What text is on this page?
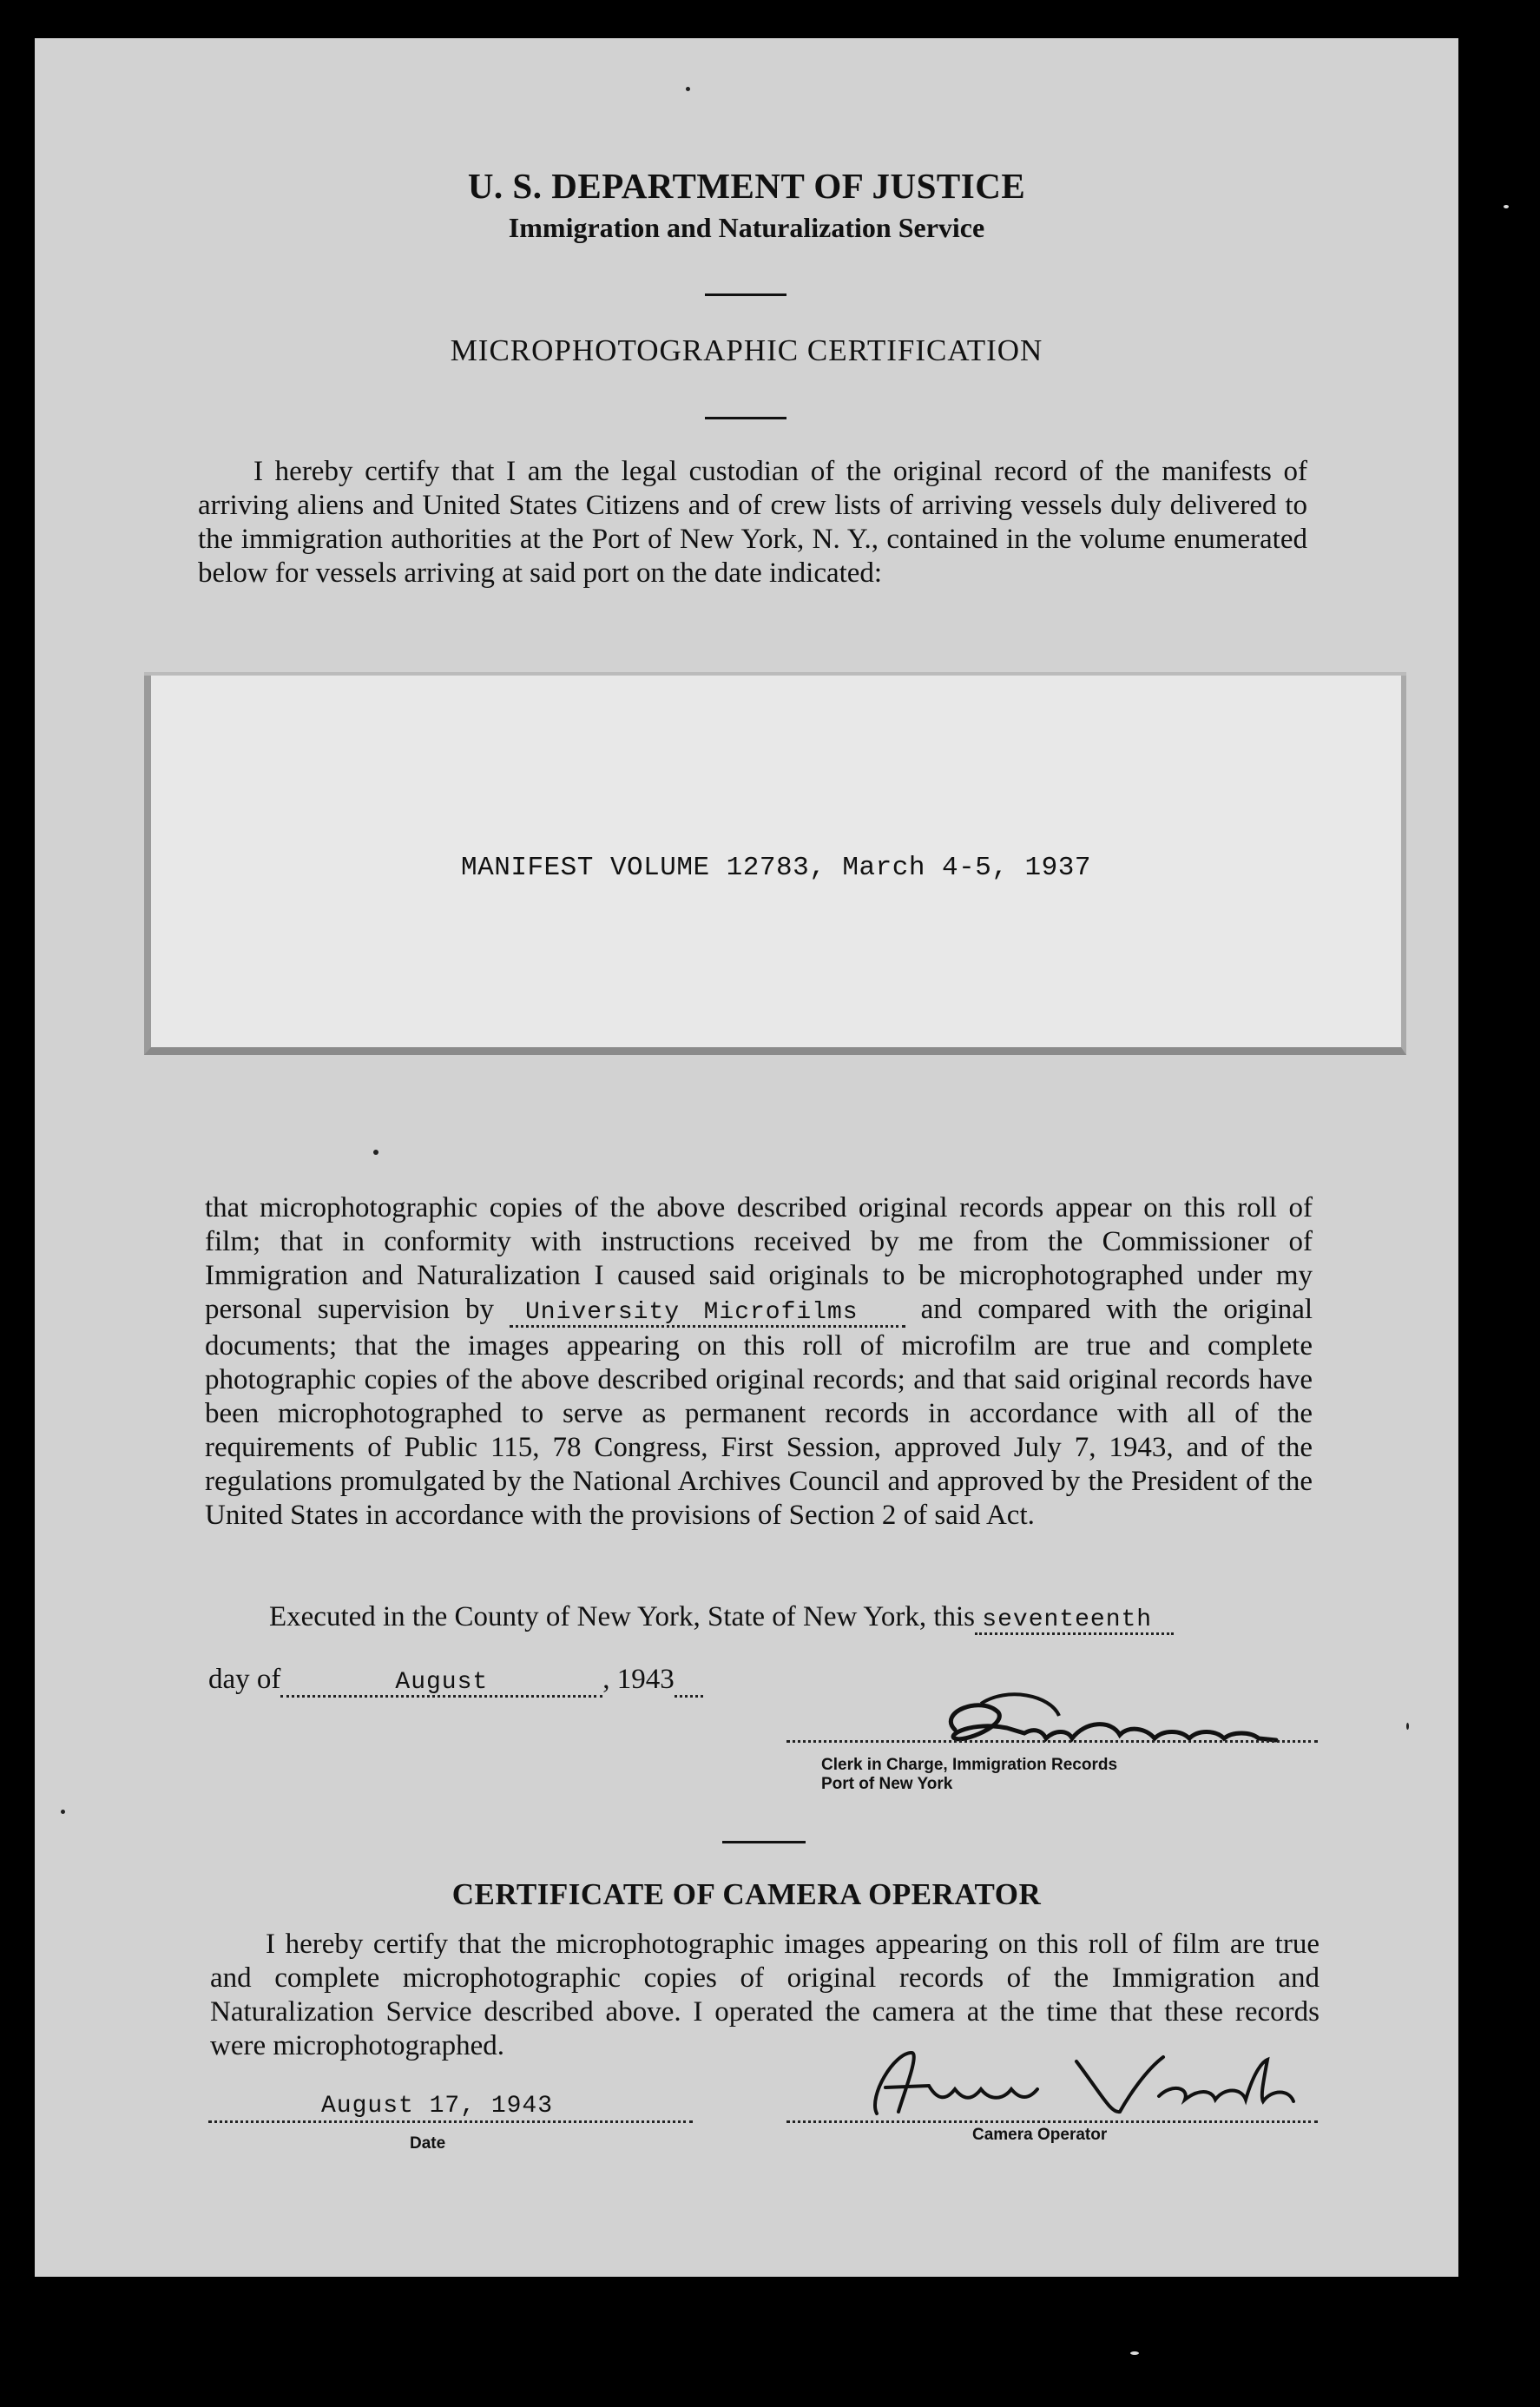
U. S. DEPARTMENT OF JUSTICE
Immigration and Naturalization Service
MICROPHOTOGRAPHIC CERTIFICATION
I hereby certify that I am the legal custodian of the original record of the manifests of arriving aliens and United States Citizens and of crew lists of arriving vessels duly delivered to the immigration authorities at the Port of New York, N. Y., contained in the volume enumerated below for vessels arriving at said port on the date indicated:
MANIFEST VOLUME 12783, March 4-5, 1937
that microphotographic copies of the above described original records appear on this roll of film; that in conformity with instructions received by me from the Commissioner of Immigration and Naturalization I caused said originals to be microphotographed under my personal supervision by University Microfilms and compared with the original documents; that the images appearing on this roll of microfilm are true and complete photographic copies of the above described original records; and that said original records have been microphotographed to serve as permanent records in accordance with all of the requirements of Public 115, 78 Congress, First Session, approved July 7, 1943, and of the regulations promulgated by the National Archives Council and approved by the President of the United States in accordance with the provisions of Section 2 of said Act.
Executed in the County of New York, State of New York, this seventeenth
day of	August	, 1943
Clerk in Charge, Immigration Records
Port of New York
CERTIFICATE OF CAMERA OPERATOR
I hereby certify that the microphotographic images appearing on this roll of film are true and complete microphotographic copies of original records of the Immigration and Naturalization Service described above. I operated the camera at the time that these records were microphotographed.
August 17, 1943
Date	Camera Operator
